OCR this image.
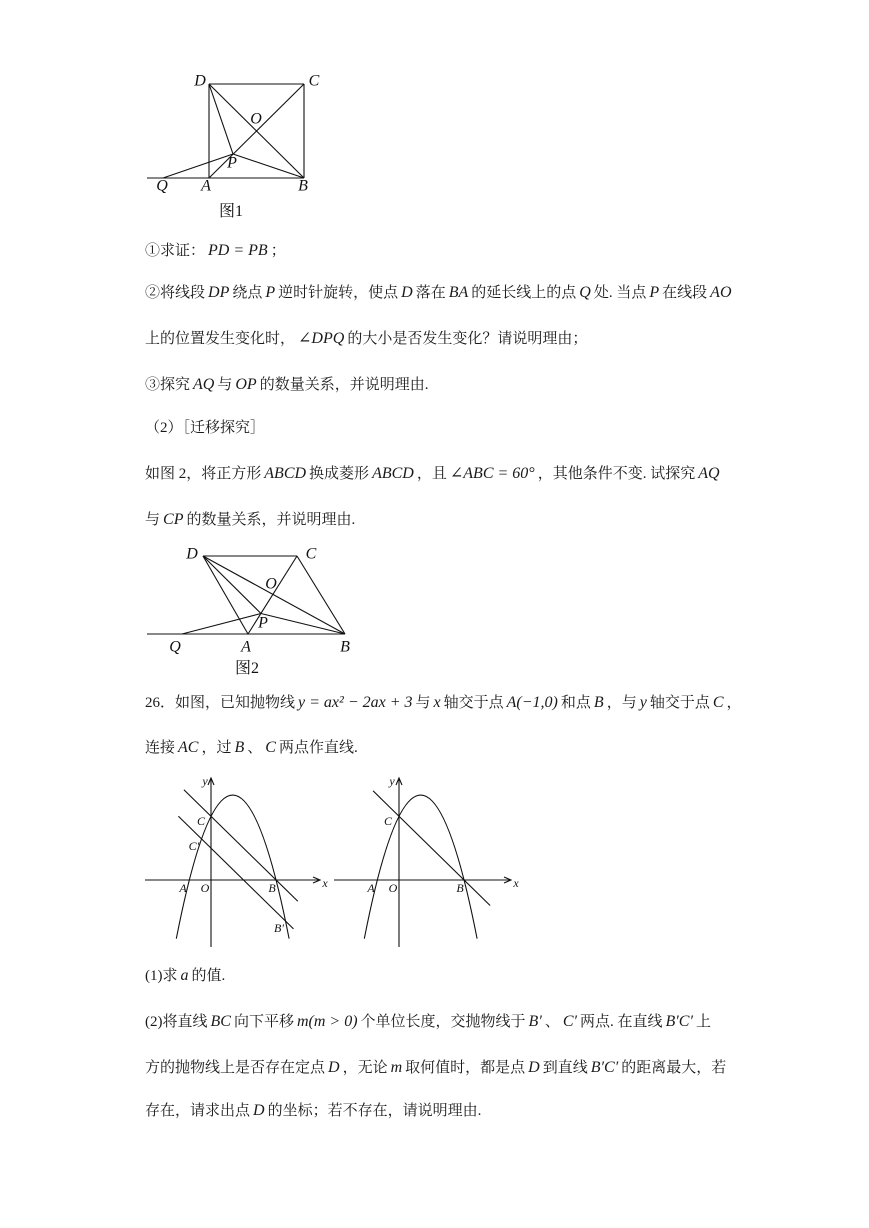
D	C
O
P
Q A	B
图1
①求证： PD = PB ；
②将线段 DP 绕点 P 逆时针旋转，使点 D 落在 BA 的延长线上的点 Q 处. 当点 P 在线段 AO
上的位置发生变化时， ∠DPQ 的大小是否发生变化？请说明理由；
③探究 AQ 与 OP 的数量关系，并说明理由.
（2）［迁移探究］
如图 2，将正方形 ABCD 换成菱形 ABCD ，且 ∠ABC = 60° ，其他条件不变. 试探究 AQ
与 CP 的数量关系，并说明理由.
D	C
O
P
Q	A	B
图2
26．如图，已知抛物线 y = ax² − 2ax + 3 与 x 轴交于点 A(−1,0) 和点 B ，与 y 轴交于点 C ，
连接 AC ，过 B 、 C 两点作直线.
y
x
C
C′
A O	B
B′
y
x
C
A O	B
(1)求 a 的值.
(2)将直线 BC 向下平移 m(m > 0) 个单位长度，交抛物线于 B′ 、 C′ 两点. 在直线 B′C′ 上
方的抛物线上是否存在定点 D ，无论 m 取何值时，都是点 D 到直线 B′C′ 的距离最大，若
存在，请求出点 D 的坐标；若不存在，请说明理由.
